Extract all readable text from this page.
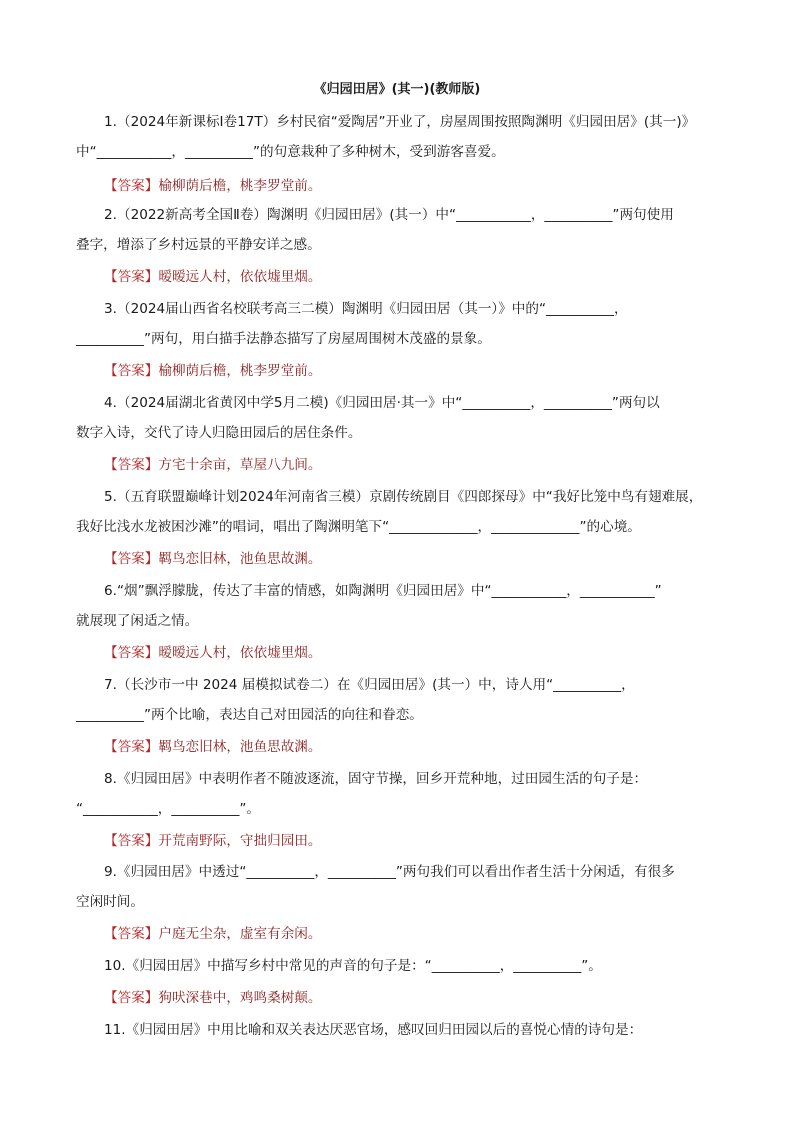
《归园田居》(其一)(教师版)
1.（2024年新课标Ⅰ卷17T）乡村民宿“爱陶居”开业了，房屋周围按照陶渊明《归园田居》(其一)》
中“___________，__________”的句意栽种了多种树木，受到游客喜爱。
【答案】榆柳荫后檐，桃李罗堂前。
2.（2022新高考全国Ⅱ卷）陶渊明《归园田居》(其一）中“___________，__________”两句使用
叠字，增添了乡村远景的平静安详之感。
【答案】暧暧远人村，依依墟里烟。
3.（2024届山西省名校联考高三二模）陶渊明《归园田居（其一）》中的“__________，
__________”两句，用白描手法静态描写了房屋周围树木茂盛的景象。
【答案】榆柳荫后檐，桃李罗堂前。
4.（2024届湖北省黄冈中学5月二模)《归园田居·其一》中“__________，__________”两句以
数字入诗，交代了诗人归隐田园后的居住条件。
【答案】方宅十余亩，草屋八九间。
5.（五育联盟巅峰计划2024年河南省三模）京剧传统剧目《四郎探母》中“我好比笼中鸟有翅难展，
我好比浅水龙被困沙滩”的唱词，唱出了陶渊明笔下“_____________，_____________”的心境。
【答案】羁鸟恋旧林，池鱼思故渊。
6.“烟”飘浮朦胧，传达了丰富的情感，如陶渊明《归园田居》中“___________，___________”
就展现了闲适之情。
【答案】暧暧远人村，依依墟里烟。
7.（长沙市一中 2024 届模拟试卷二）在《归园田居》(其一）中，诗人用“__________，
__________”两个比喻，表达自己对田园活的向往和眷恋。
【答案】羁鸟恋旧林，池鱼思故渊。
8.《归园田居》中表明作者不随波逐流，固守节操，回乡开荒种地，过田园生活的句子是：
“___________，__________”。
【答案】开荒南野际，守拙归园田。
9.《归园田居》中透过“__________，__________”两句我们可以看出作者生活十分闲适，有很多
空闲时间。
【答案】户庭无尘杂，虚室有余闲。
10.《归园田居》中描写乡村中常见的声音的句子是：“__________，__________”。
【答案】狗吠深巷中，鸡鸣桑树颠。
11.《归园田居》中用比喻和双关表达厌恶官场，感叹回归田园以后的喜悦心情的诗句是：
